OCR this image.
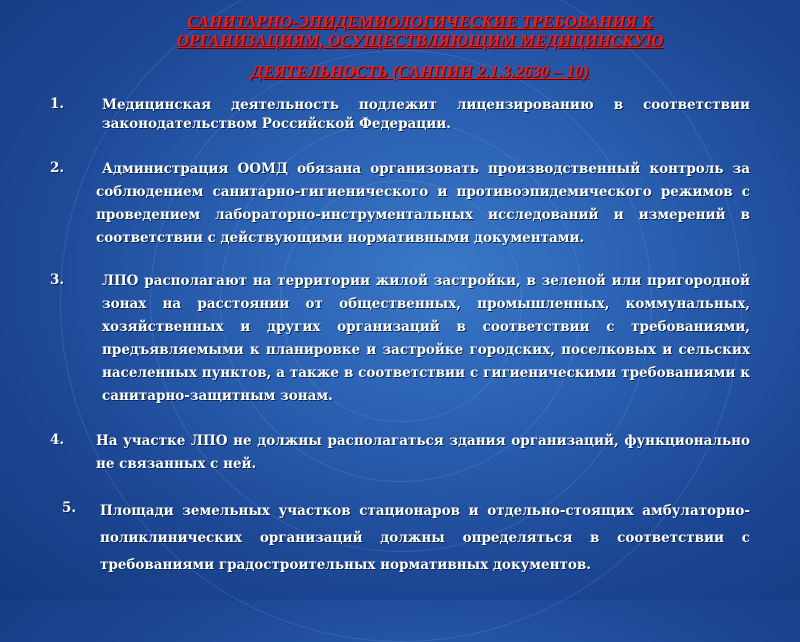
САНИТАРНО-ЭПИДЕМИОЛОГИЧЕСКИЕ ТРЕБОВАНИЯ К
ОРГАНИЗАЦИЯМ, ОСУЩЕСТВЛЯЮЩИМ МЕДИЦИНСКУЮ
ДЕЯТЕЛЬНОСТЬ (САНПИН 2.1.3.2630 – 10)
1.	Медицинская деятельность подлежит лицензированию в соответствии законодательством Российской Федерации.
2.	Администрация ООМД обязана организовать производственный контроль за соблюдением санитарно-гигиенического и противоэпидемического режимов с проведением лабораторно-инструментальных исследований и измерений в соответствии с действующими нормативными документами.
3.	ЛПО располагают на территории жилой застройки, в зеленой или пригородной зонах на расстоянии от общественных, промышленных, коммунальных, хозяйственных и других организаций в соответствии с требованиями, предъявляемыми к планировке и застройке городских, поселковых и сельских населенных пунктов, а также в соответствии с гигиеническими требованиями к санитарно-защитным зонам.
4. На участке ЛПО не должны располагаться здания организаций, функционально не связанных с ней.
5. Площади земельных участков стационаров и отдельно-стоящих амбулаторно-поликлинических организаций должны определяться в соответствии с требованиями градостроительных нормативных документов.
